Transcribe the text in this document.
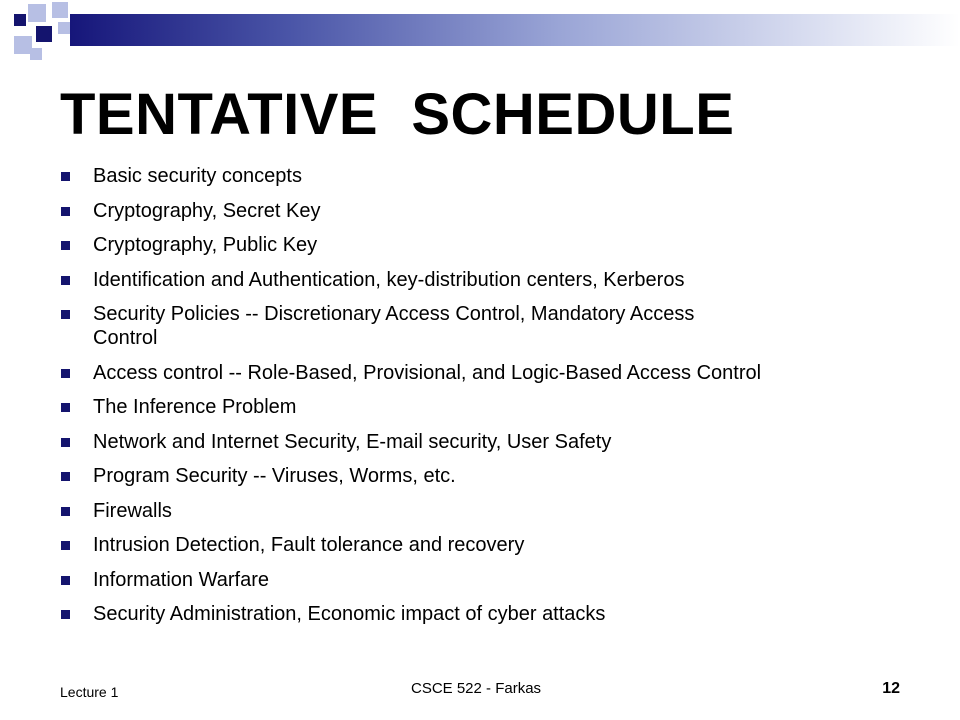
TENTATIVE  SCHEDULE
Basic security concepts
Cryptography, Secret Key
Cryptography, Public Key
Identification and Authentication, key-distribution centers, Kerberos
Security Policies -- Discretionary Access Control, Mandatory Access
Control
Access control -- Role-Based, Provisional, and Logic-Based Access Control
The Inference Problem
Network and Internet Security, E-mail security, User Safety
Program Security -- Viruses, Worms, etc.
Firewalls
Intrusion Detection, Fault tolerance and recovery
Information Warfare
Security Administration, Economic impact of cyber attacks
Lecture 1	CSCE 522 - Farkas	12
